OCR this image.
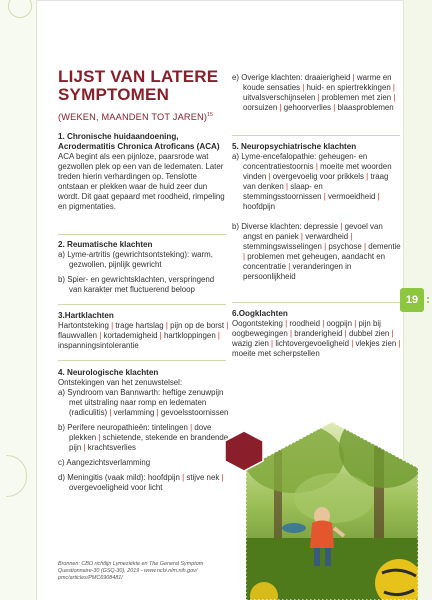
LIJST VAN LATERE SYMPTOMEN
(WEKEN, MAANDEN TOT JAREN)$^{15}$

1. Chronische huidaandoening, Acrodermatitis Chronica Atroficans (ACA)

ACA begint als een pijnloze, paarsrode wat gezwollen plek op een van de ledematen. Later treden hierin verhardingen op. Tenslotte ontstaan er plekken waar de huid zeer dun wordt. Dit gaat gepaard met roodheid, rimpeling en pigmentaties.

2. Reumatische klachten

a) Lyme-artritis (gewrichtsontsteking): warm, gezwollen, pijnlijk gewricht

b) Spier- en gewrichtsklachten, verspringend van karakter met fluctuerend beloop

3.Hartklachten

Hartontsteking | trage hartslag | pijn op de borst | flauwvallen | kortademigheid | hartkloppingen | inspanningsintolerantie

4. Neurologische klachten

Ontstekingen van het zenuwstelsel:

a) Syndroom van Bannwarth: heftige zenuwpijn met uitstraling naar romp en ledematen (radiculitis) | verlamming | gevoelsstoornissen

b) Perifere neuropathieën: tintelingen | dove plekken | schietende, stekende en brandende pijn | krachtsverlies

c) Aangezichtsverlamming

d) Meningitis (vaak mild): hoofdpijn | stijve nek | overgevoeligheid voor licht

Bronnen: CBO richtlijn Lymeziekte en The General Symptom Questionnaire-30 (GSQ-30), 2019 - www.ncbi.nlm.nih.gov/ pmc/articles/PMC6908481/

e) Overige klachten: draaierigheid | warme en koude sensaties | huid- en spiertrekkingen | uitvalsverschijnselen | problemen met zien | oorsuizen | gehoorverlies | blaasproblemen

5. Neuropsychiatrische klachten

a) Lyme-encefalopathie: geheugen- en concentratiestoornis | moeite met woorden vinden | overgevoelig voor prikkels | traag van denken | slaap- en stemmingsstoornissen | vermoeidheid | hoofdpijn

b) Diverse klachten: depressie | gevoel van angst en paniek | verwardheid | stemmingswisselingen | psychose | dementie | problemen met geheugen, aandacht en concentratie | veranderingen in persoonlijkheid

6.Oogklachten

Oogontsteking | roodheid | oogpijn | pijn bij oogbewegingen | branderigheid | dubbel zien | wazig zien | lichtovergevoeligheid | vlekjes zien | moeite met scherpstellen

19
